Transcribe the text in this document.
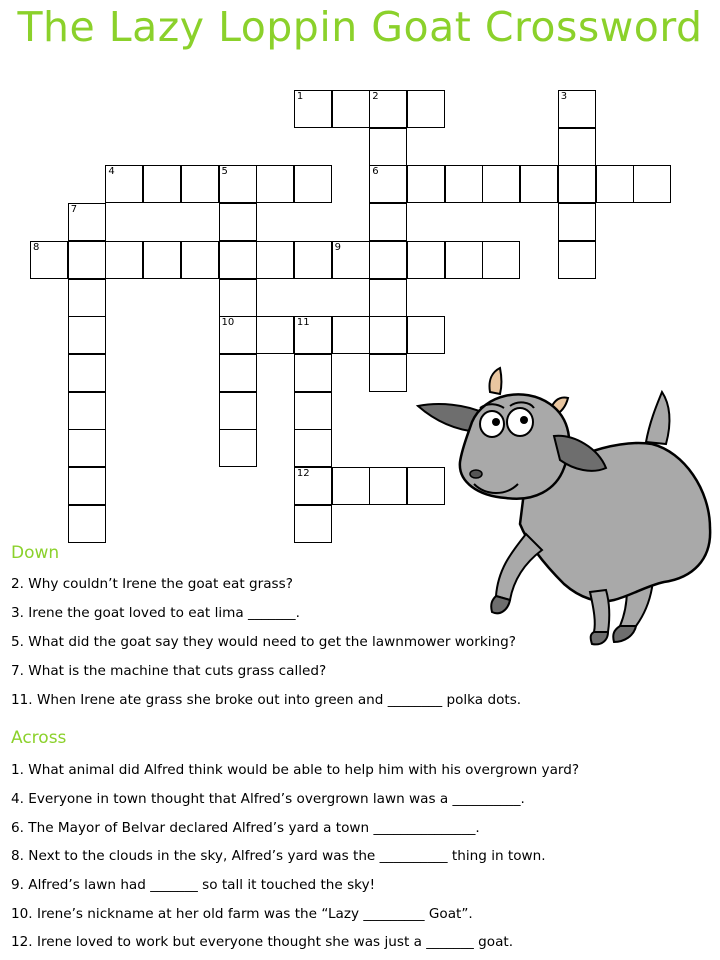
The Lazy Loppin Goat Crossword
1	2
6
3
4	5
10
7
8	9
11
12
Down
2. Why couldn’t Irene the goat eat grass?
3. Irene the goat loved to eat lima _______.
5. What did the goat say they would need to get the lawnmower working?
7. What is the machine that cuts grass called?
11. When Irene ate grass she broke out into green and ________ polka dots.
Across
1. What animal did Alfred think would be able to help him with his overgrown yard?
4. Everyone in town thought that Alfred’s overgrown lawn was a __________.
6. The Mayor of Belvar declared Alfred’s yard a town _______________.
8. Next to the clouds in the sky, Alfred’s yard was the __________ thing in town.
9. Alfred’s lawn had _______ so tall it touched the sky!
10. Irene’s nickname at her old farm was the “Lazy _________ Goat”.
12. Irene loved to work but everyone thought she was just a _______ goat.
